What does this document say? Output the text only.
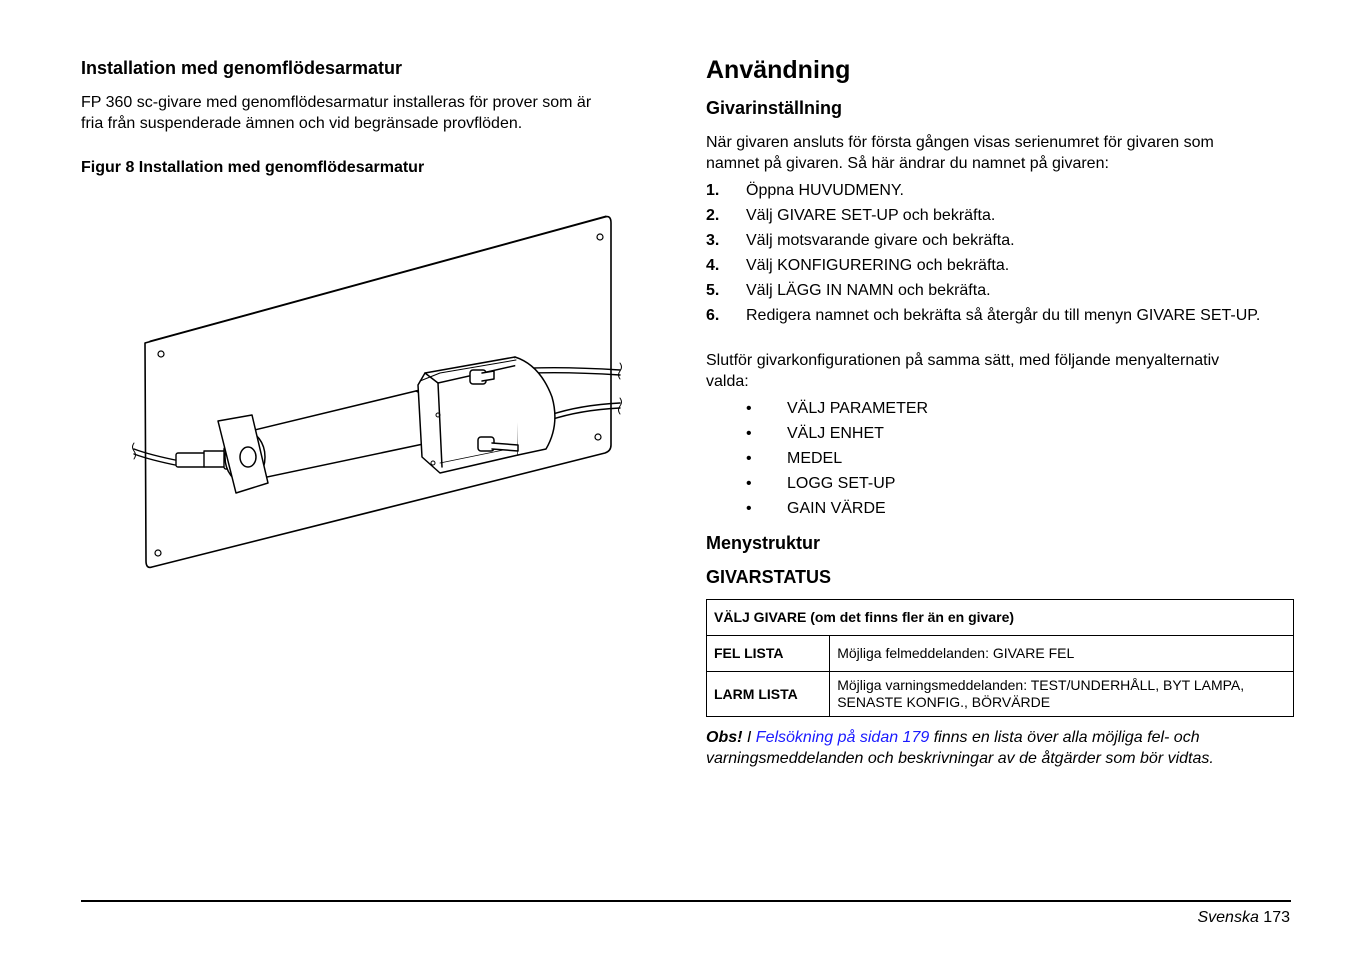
Installation med genomflödesarmatur
FP 360 sc-givare med genomflödesarmatur installeras för prover som är
fria från suspenderade ämnen och vid begränsade provflöden.
Figur 8 Installation med genomflödesarmatur
Användning
Givarinställning
När givaren ansluts för första gången visas serienumret för givaren som
namnet på givaren. Så här ändrar du namnet på givaren:
1. Öppna HUVUDMENY.
2. Välj GIVARE SET-UP och bekräfta.
3. Välj motsvarande givare och bekräfta.
4. Välj KONFIGURERING och bekräfta.
5. Välj LÄGG IN NAMN och bekräfta.
6. Redigera namnet och bekräfta så återgår du till menyn GIVARE SET-UP.
Slutför givarkonfigurationen på samma sätt, med följande menyalternativ
valda:
• VÄLJ PARAMETER
• VÄLJ ENHET
• MEDEL
• LOGG SET-UP
• GAIN VÄRDE
Menystruktur
GIVARSTATUS
VÄLJ GIVARE (om det finns fler än en givare)	
FEL LISTA	Möjliga felmeddelanden: GIVARE FEL
LARM LISTA	Möjliga varningsmeddelanden: TEST/UNDERHÅLL, BYT LAMPA, SENASTE KONFIG., BÖRVÄRDE
Obs! I Felsökning på sidan 179 finns en lista över alla möjliga fel- och
varningsmeddelanden och beskrivningar av de åtgärder som bör vidtas.
Svenska 173
